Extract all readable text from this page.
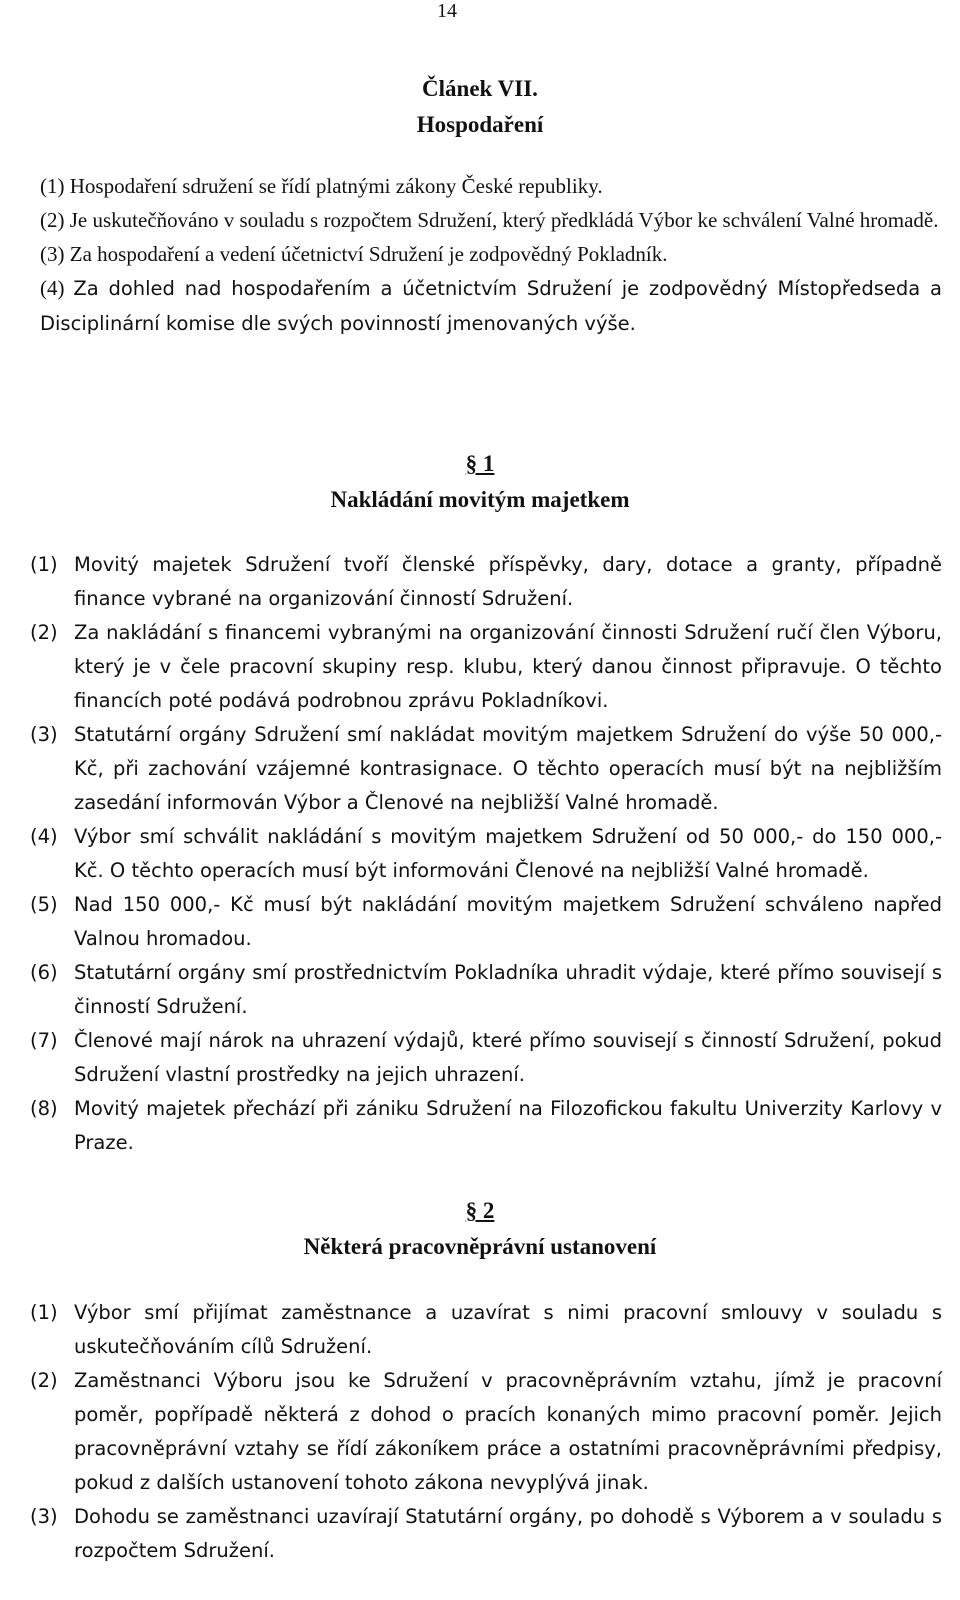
14
Článek VII.
Hospodaření
(1) Hospodaření sdružení se řídí platnými zákony České republiky.
(2) Je uskutečňováno v souladu s rozpočtem Sdružení, který předkládá Výbor ke schválení Valné hromadě.
(3) Za hospodaření a vedení účetnictví Sdružení je zodpovědný Pokladník.
(4) Za dohled nad hospodařením a účetnictvím Sdružení je zodpovědný Místopředseda a Disciplinární komise dle svých povinností jmenovaných výše.
§ 1
Nakládání movitým majetkem
(1) Movitý majetek Sdružení tvoří členské příspěvky, dary, dotace a granty, případně finance vybrané na organizování činností Sdružení.
(2) Za nakládání s financemi vybranými na organizování činnosti Sdružení ručí člen Výboru, který je v čele pracovní skupiny resp. klubu, který danou činnost připravuje. O těchto financích poté podává podrobnou zprávu Pokladníkovi.
(3) Statutární orgány Sdružení smí nakládat movitým majetkem Sdružení do výše 50 000,- Kč, při zachování vzájemné kontrasignace. O těchto operacích musí být na nejbližším zasedání informován Výbor a Členové na nejbližší Valné hromadě.
(4) Výbor smí schválit nakládání s movitým majetkem Sdružení od 50 000,- do 150 000,- Kč. O těchto operacích musí být informováni Členové na nejbližší Valné hromadě.
(5) Nad 150 000,- Kč musí být nakládání movitým majetkem Sdružení schváleno napřed Valnou hromadou.
(6) Statutární orgány smí prostřednictvím Pokladníka uhradit výdaje, které přímo souvisejí s činností Sdružení.
(7) Členové mají nárok na uhrazení výdajů, které přímo souvisejí s činností Sdružení, pokud Sdružení vlastní prostředky na jejich uhrazení.
(8) Movitý majetek přechází při zániku Sdružení na Filozofickou fakultu Univerzity Karlovy v Praze.
§ 2
Některá pracovněprávní ustanovení
(1) Výbor smí přijímat zaměstnance a uzavírat s nimi pracovní smlouvy v souladu s uskutečňováním cílů Sdružení.
(2) Zaměstnanci Výboru jsou ke Sdružení v pracovněprávním vztahu, jímž je pracovní poměr, popřípadě některá z dohod o pracích konaných mimo pracovní poměr. Jejich pracovněprávní vztahy se řídí zákoníkem práce a ostatními pracovněprávními předpisy, pokud z dalších ustanovení tohoto zákona nevyplývá jinak.
(3) Dohodu se zaměstnanci uzavírají Statutární orgány, po dohodě s Výborem a v souladu s rozpočtem Sdružení.
